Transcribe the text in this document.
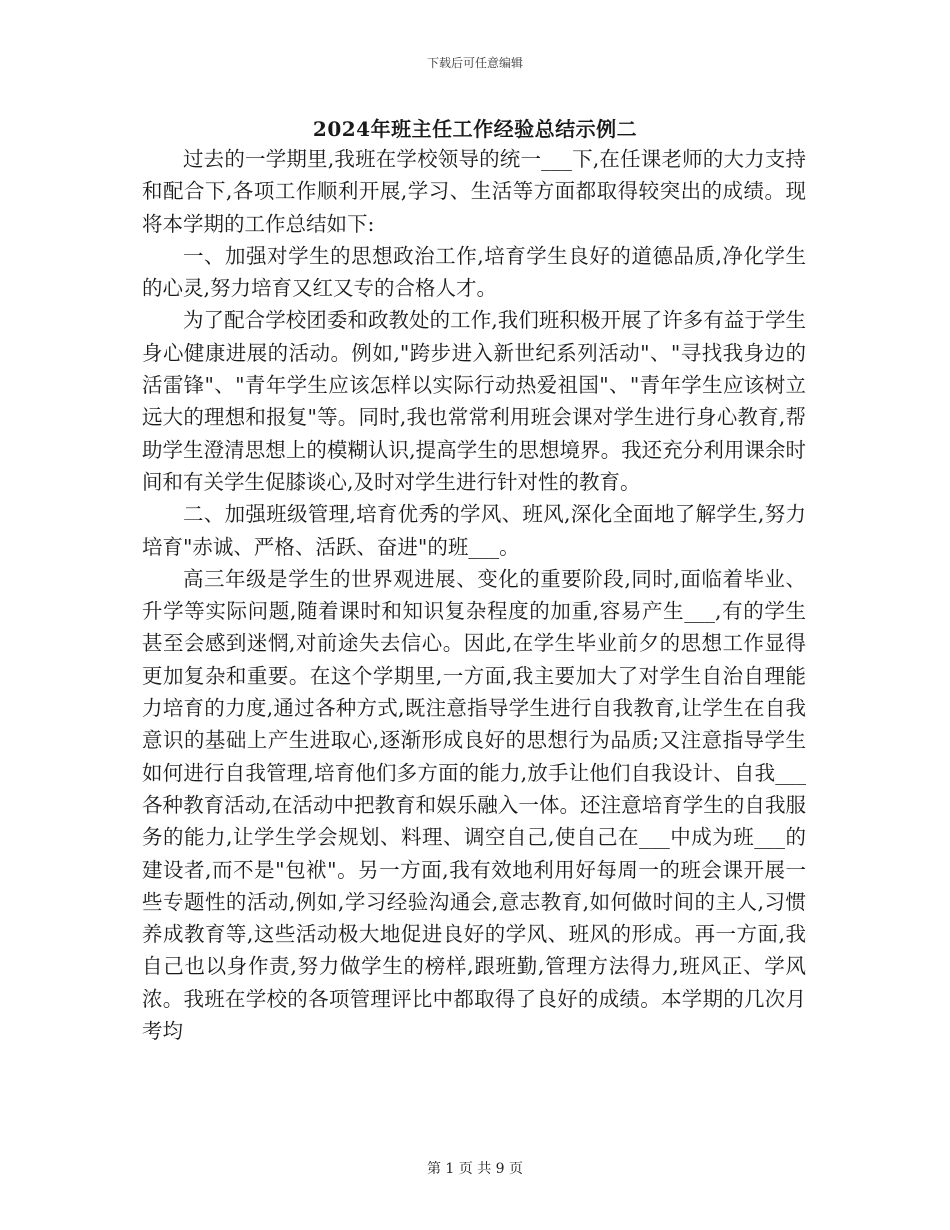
下载后可任意编辑
2024年班主任工作经验总结示例二

过去的一学期里,我班在学校领导的统一___下,在任课老师的大力支持和配合下,各项工作顺利开展,学习、生活等方面都取得较突出的成绩。现将本学期的工作总结如下:

一、加强对学生的思想政治工作,培育学生良好的道德品质,净化学生的心灵,努力培育又红又专的合格人才。

为了配合学校团委和政教处的工作,我们班积极开展了许多有益于学生身心健康进展的活动。例如,"跨步进入新世纪系列活动"、"寻找我身边的活雷锋"、"青年学生应该怎样以实际行动热爱祖国"、"青年学生应该树立远大的理想和报复"等。同时,我也常常利用班会课对学生进行身心教育,帮助学生澄清思想上的模糊认识,提高学生的思想境界。我还充分利用课余时间和有关学生促膝谈心,及时对学生进行针对性的教育。

二、加强班级管理,培育优秀的学风、班风,深化全面地了解学生,努力培育"赤诚、严格、活跃、奋进"的班___。

高三年级是学生的世界观进展、变化的重要阶段,同时,面临着毕业、升学等实际问题,随着课时和知识复杂程度的加重,容易产生___,有的学生甚至会感到迷惘,对前途失去信心。因此,在学生毕业前夕的思想工作显得更加复杂和重要。在这个学期里,一方面,我主要加大了对学生自治自理能力培育的力度,通过各种方式,既注意指导学生进行自我教育,让学生在自我意识的基础上产生进取心,逐渐形成良好的思想行为品质;又注意指导学生如何进行自我管理,培育他们多方面的能力,放手让他们自我设计、自我___各种教育活动,在活动中把教育和娱乐融入一体。还注意培育学生的自我服务的能力,让学生学会规划、料理、调空自己,使自己在___中成为班___的建设者,而不是"包袱"。另一方面,我有效地利用好每周一的班会课开展一些专题性的活动,例如,学习经验沟通会,意志教育,如何做时间的主人,习惯养成教育等,这些活动极大地促进良好的学风、班风的形成。再一方面,我自己也以身作责,努力做学生的榜样,跟班勤,管理方法得力,班风正、学风浓。我班在学校的各项管理评比中都取得了良好的成绩。本学期的几次月考均

第 1 页 共 9 页
